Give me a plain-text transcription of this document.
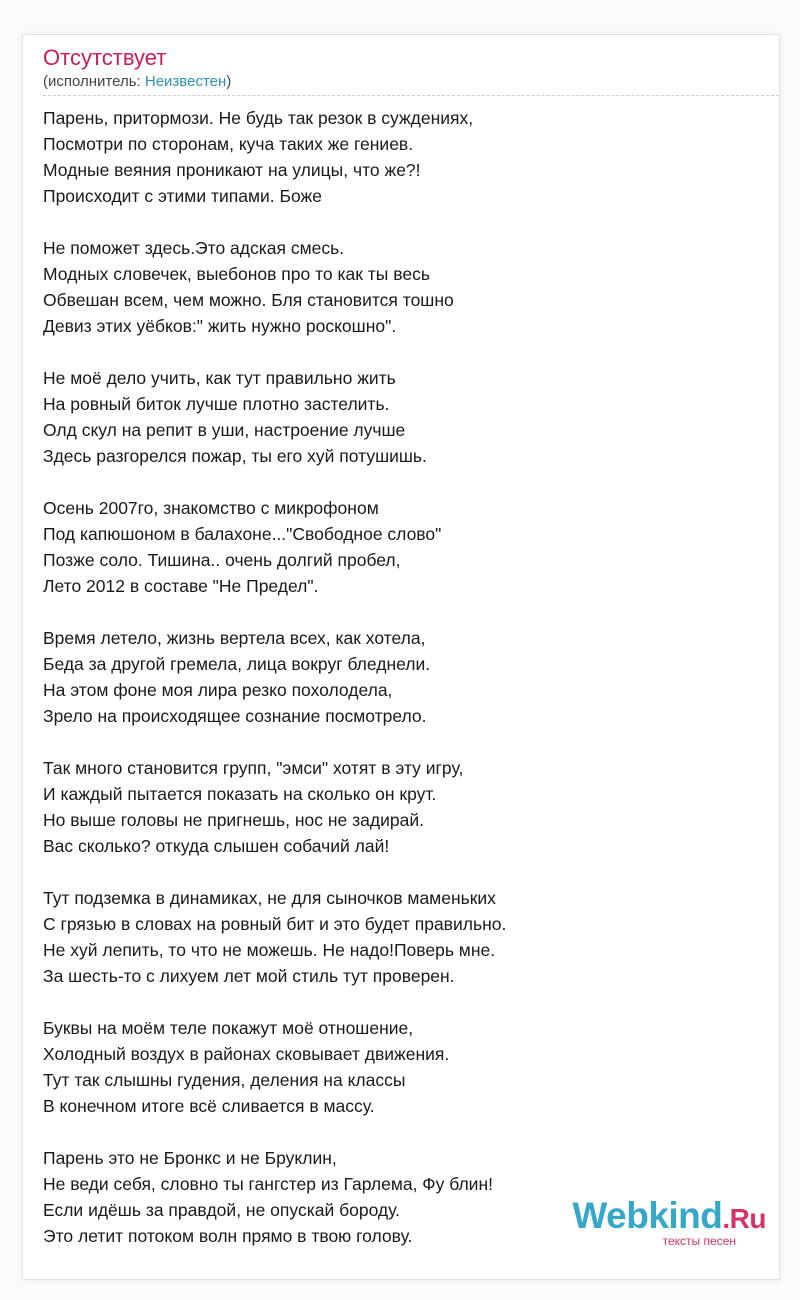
Отсутствует
(исполнитель: Неизвестен)
Парень, притормози. Не будь так резок в суждениях,
Посмотри по сторонам, куча таких же гениев.
Модные веяния проникают на улицы, что же?!
Происходит с этими типами. Боже
Не поможет здесь.Это адская смесь.
Модных словечек, выебонов про то как ты весь
Обвешан всем, чем можно. Бля становится тошно
Девиз этих уёбков:" жить нужно роскошно".
Не моё дело учить, как тут правильно жить
На ровный биток лучше плотно застелить.
Олд скул на репит в уши, настроение лучше
Здесь разгорелся пожар, ты его хуй потушишь.
Осень 2007го, знакомство с микрофоном
Под капюшоном в балахоне..."Свободное слово"
Позже соло. Тишина.. очень долгий пробел,
Лето 2012 в составе "Не Предел".
Время летело, жизнь вертела всех, как хотела,
Беда за другой гремела, лица вокруг бледнели.
На этом фоне моя лира резко похолодела,
Зрело на происходящее сознание посмотрело.
Так много становится групп, "эмси" хотят в эту игру,
И каждый пытается показать на сколько он крут.
Но выше головы не пригнешь, нос не задирай.
Вас сколько? откуда слышен собачий лай!
Тут подземка в динамиках, не для сыночков маменьких
С грязью в словах на ровный бит и это будет правильно.
Не хуй лепить, то что не можешь. Не надо!Поверь мне.
За шесть-то с лихуем лет мой стиль тут проверен.
Буквы на моём теле покажут моё отношение,
Холодный воздух в районах сковывает движения.
Тут так слышны гудения, деления на классы
В конечном итоге всё сливается в массу.
Парень это не Бронкс и не Бруклин,
Не веди себя, словно ты гангстер из Гарлема, Фу блин!
Если идёшь за правдой, не опускай бороду.
Это летит потоком волн прямо в твою голову.	Webkind.Ru
тексты песен
